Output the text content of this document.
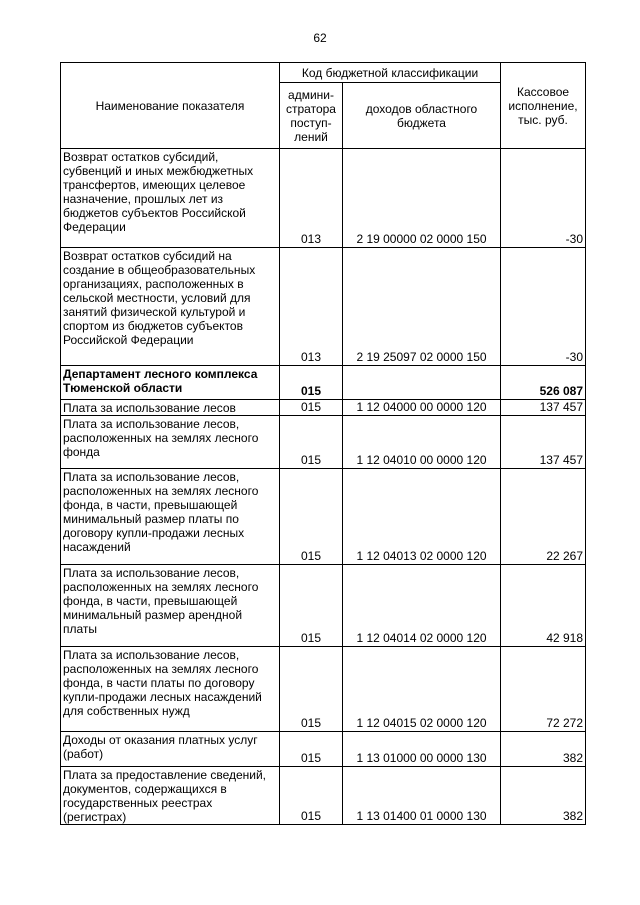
62
Наименование показателя	Код бюджетной классификации		Кассовое исполнение, тыс. руб.
	админи-стратора поступ-лений	доходов областного бюджета	
Возврат остатков субсидий, субвенций и иных межбюджетных трансфертов, имеющих целевое назначение, прошлых лет из бюджетов субъектов Российской Федерации	013	2 19 00000 02 0000 150	-30
Возврат остатков субсидий на создание в общеобразовательных организациях, расположенных в сельской местности, условий для занятий физической культурой и спортом из бюджетов субъектов Российской Федерации	013	2 19 25097 02 0000 150	-30
Департамент лесного комплекса Тюменской области	015		526 087
Плата за использование лесов	015	1 12 04000 00 0000 120	137 457
Плата за использование лесов, расположенных на землях лесного фонда	015	1 12 04010 00 0000 120	137 457
Плата за использование лесов, расположенных на землях лесного фонда, в части, превышающей минимальный размер платы по договору купли-продажи лесных насаждений	015	1 12 04013 02 0000 120	22 267
Плата за использование лесов, расположенных на землях лесного фонда, в части, превышающей минимальный размер арендной платы	015	1 12 04014 02 0000 120	42 918
Плата за использование лесов, расположенных на землях лесного фонда, в части платы по договору купли-продажи лесных насаждений для собственных нужд	015	1 12 04015 02 0000 120	72 272
Доходы от оказания платных услуг (работ)	015	1 13 01000 00 0000 130	382
Плата за предоставление сведений, документов, содержащихся в государственных реестрах (регистрах)	015	1 13 01400 01 0000 130	382
